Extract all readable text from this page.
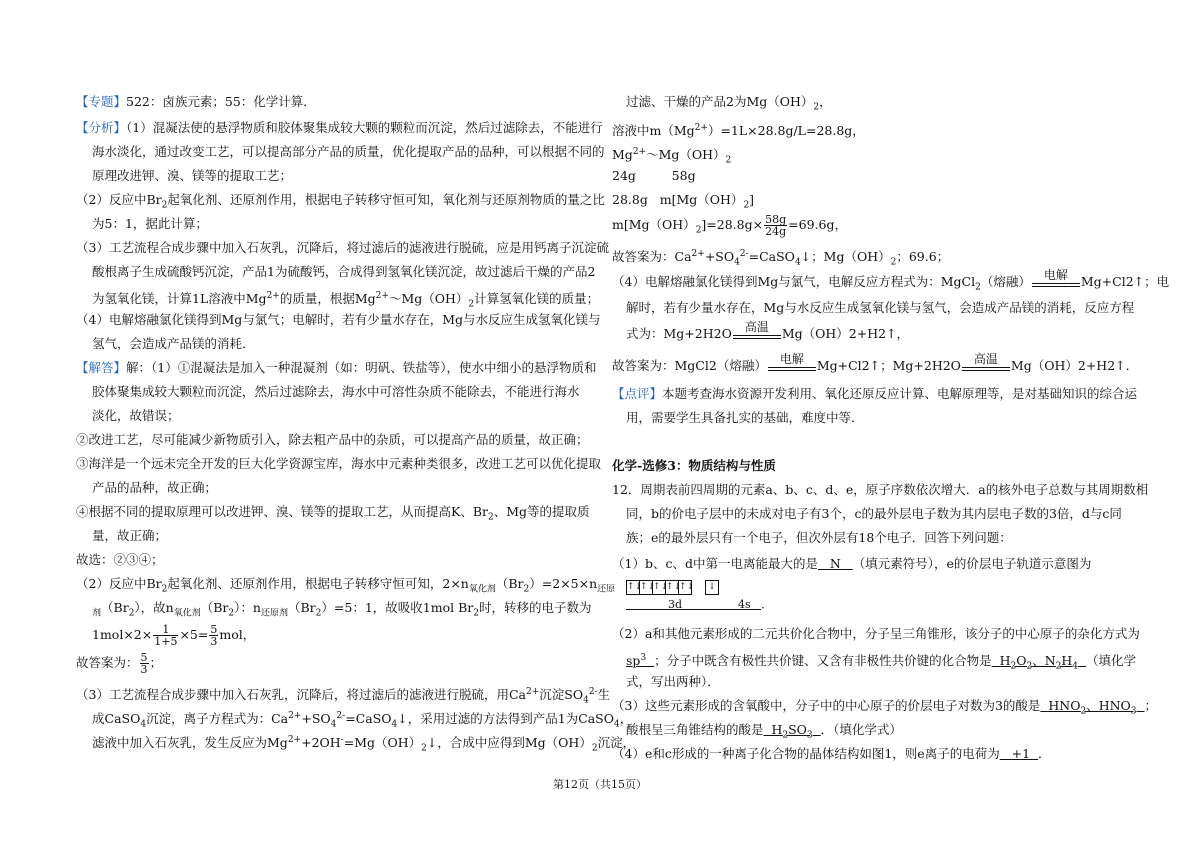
【专题】522：卤族元素；55：化学计算．
【分析】（1）混凝法使的悬浮物质和胶体聚集成较大颗的颗粒而沉淀，然后过滤除去，不能进行
海水淡化，通过改变工艺，可以提高部分产品的质量，优化提取产品的品种，可以根据不同的
原理改进钾、溴、镁等的提取工艺；
（2）反应中$Br_2$起氧化剂、还原剂作用，根据电子转移守恒可知，氧化剂与还原剂物质的量之比
为5：1，据此计算；
（3）工艺流程合成步骤中加入石灰乳，沉降后，将过滤后的滤液进行脱硫，应是用钙离子沉淀硫
酸根离子生成硫酸钙沉淀，产品1为硫酸钙，合成得到氢氧化镁沉淀，故过滤后干燥的产品2
为氢氧化镁，计算1L溶液中$Mg^{2+}$的质量，根据$Mg^{2+}\sim Mg(OH)_2$计算氢氧化镁的质量；
（4）电解熔融氯化镁得到Mg与氯气；电解时，若有少量水存在，Mg与水反应生成氢氧化镁与
氢气，会造成产品镁的消耗．
【解答】解：（1）①混凝法是加入一种混凝剂（如：明矾、铁盐等），使水中细小的悬浮物质和
胶体聚集成较大颗粒而沉淀，然后过滤除去，海水中可溶性杂质不能除去，不能进行海水
淡化，故错误；
②改进工艺，尽可能减少新物质引入，除去粗产品中的杂质，可以提高产品的质量，故正确；
③海洋是一个远未完全开发的巨大化学资源宝库，海水中元素种类很多，改进工艺可以优化提取
产品的品种，故正确；
④根据不同的提取原理可以改进钾、溴、镁等的提取工艺，从而提高K、$Br_2$、Mg等的提取质
量，故正确；
故选：②③④；
（2）反应中$Br_2$起氧化剂、还原剂作用，根据电子转移守恒可知，$2\times n_{氧化剂}(Br_2)=2\times 5\times n_{还原}$
$_剂(Br_2)$，故$n_{氧化剂}(Br_2)$：$n_{还原剂}(Br_2)=5$：1，故吸收1mol $Br_2$时，转移的电子数为
$1mol\times 2\times \frac{1}{1+5} \times 5= \frac{5}{3}$ mol，
故答案为： $\frac{5}{3}$ ；
（3）工艺流程合成步骤中加入石灰乳，沉降后，将过滤后的滤液进行脱硫，用$Ca^{2+}$沉淀$SO_4^{2-}$生
成CaSO$_4$沉淀，离子方程式为：$Ca^{2+}+SO_4^{2-}=CaSO_4↓$，采用过滤的方法得到产品1为CaSO$_4$，
滤液中加入石灰乳，发生反应为$Mg^{2+}+2OH^-=Mg(OH)_2↓$，合成中应得到$Mg(OH)_2$沉淀，
过滤、干燥的产品2为$Mg(OH)_2$，
溶液中$m(Mg^{2+})=1L\times 28.8g/L=28.8g$，
$Mg^{2+}\sim Mg(OH)_2$
24g         58g
28.8g   $m[Mg(OH)_2]$
$m[Mg(OH)_2]=28.8g\times \frac{58g}{24g} =69.6g$，
故答案为：$Ca^{2+}+SO_4^{2-}=CaSO_4↓$；$Mg(OH)_2$；69.6；
（4）电解熔融氯化镁得到Mg与氯气，电解反应方程式为：MgCl$_2$（熔融）	电解	Mg+Cl2↑；电
解时，若有少量水存在，Mg与水反应生成氢氧化镁与氢气，会造成产品镁的消耗，反应方程
式为：Mg+2H2O	高温	Mg（OH）2+H2↑，
故答案为：MgCl2（熔融）	电解	Mg+Cl2↑；Mg+2H2O	高温	Mg（OH）2+H2↑．
【点评】本题考查海水资源开发利用、氧化还原反应计算、电解原理等，是对基础知识的综合运
用，需要学生具备扎实的基础，难度中等．
化学-选修3：物质结构与性质
12．周期表前四周期的元素a、b、c、d、e，原子序数依次增大．a的核外电子总数与其周期数相
同，b的价电子层中的未成对电子有3个，c的最外层电子数为其内层电子数的3倍，d与c同
族；e的最外层只有一个电子，但次外层有18个电子．回答下列问题：
（1）b、c、d中第一电离能最大的是 N （填元素符号），e的价层电子轨道示意图为
↑↓
↑↓
↑↓
↑↓
↑↓	↓
3d	4s ．
（2）a和其他元素形成的二元共价化合物中，分子呈三角锥形，该分子的中心原子的杂化方式为
$sp^3$ ；分子中既含有极性共价键、又含有非极性共价键的化合物是  $H_2O_2$、$N_2H_4$ （填化学
式，写出两种）．
（3）这些元素形成的含氧酸中，分子中的中心原子的价层电子对数为3的酸是  $HNO_2$、$HNO_3$ ；
酸根呈三角锥结构的酸是  $H_2SO_3$ ．（填化学式）
（4）e和c形成的一种离子化合物的晶体结构如图1，则e离子的电荷为 +1 ．
第12页（共15页）
